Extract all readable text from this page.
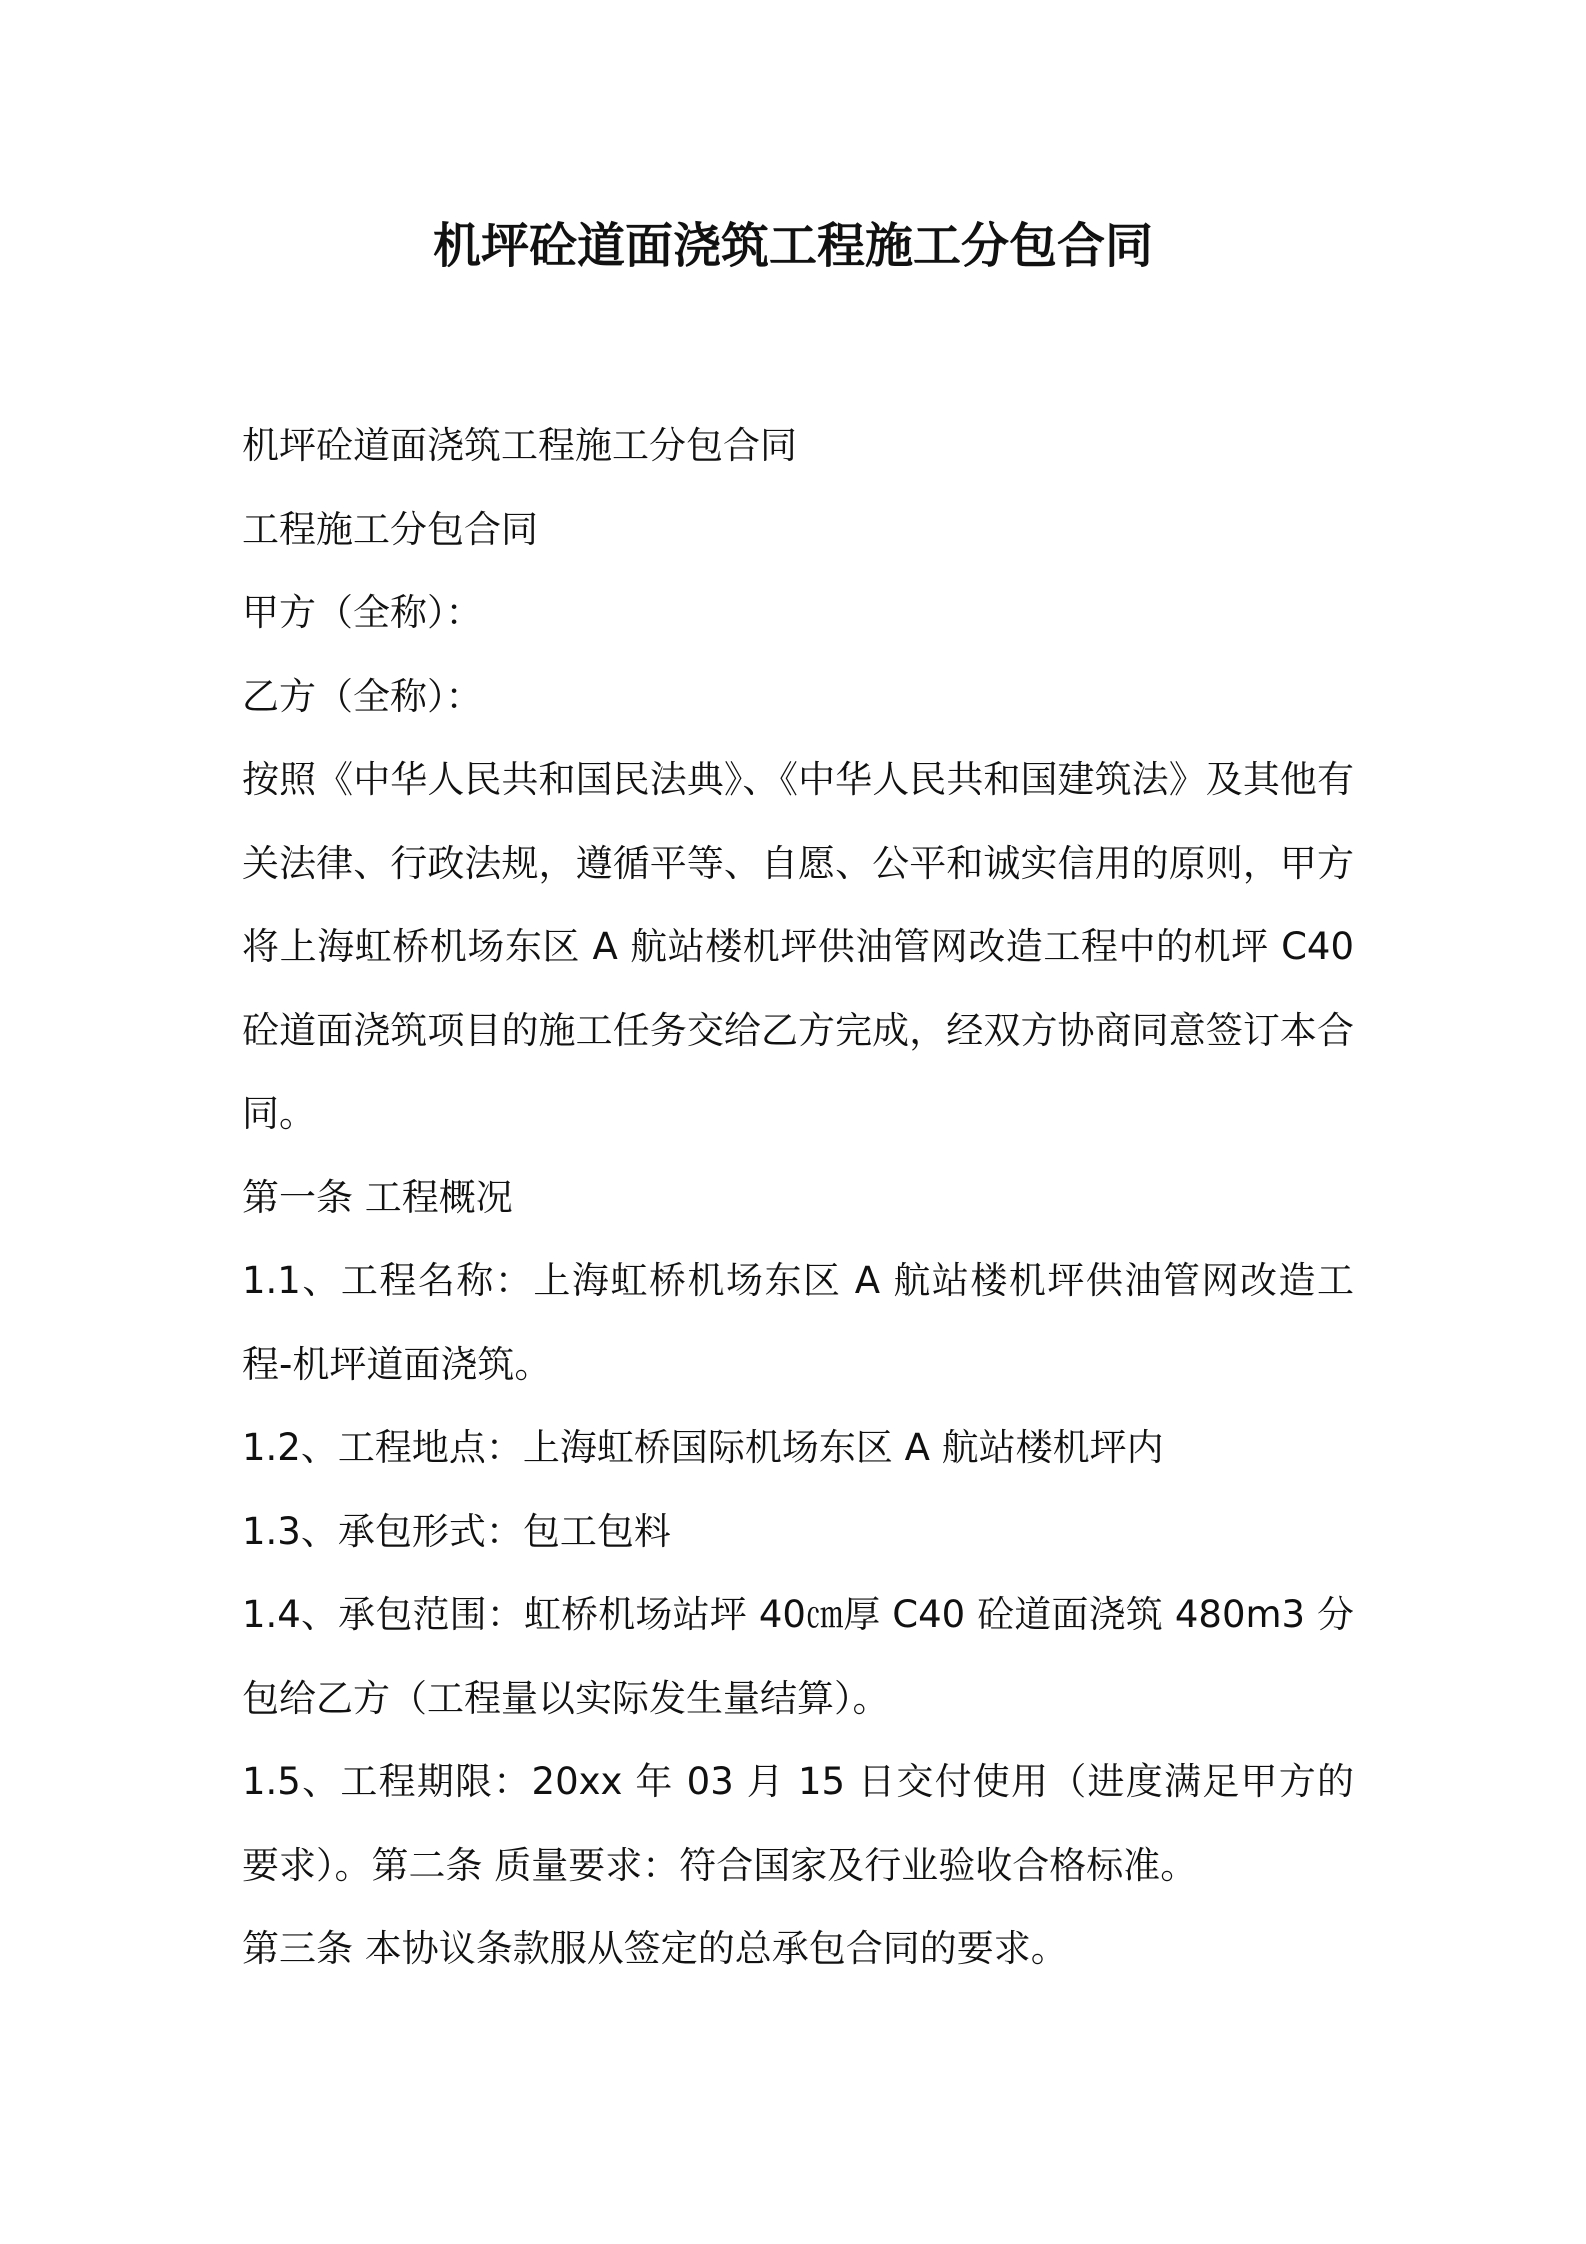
机坪砼道面浇筑工程施工分包合同

机坪砼道面浇筑工程施工分包合同

工程施工分包合同

甲方（全称）：

乙方（全称）：

按照《中华人民共和国民法典》、《中华人民共和国建筑法》及其他有关法律、行政法规，遵循平等、自愿、公平和诚实信用的原则，甲方将上海虹桥机场东区 A 航站楼机坪供油管网改造工程中的机坪 C40 砼道面浇筑项目的施工任务交给乙方完成，经双方协商同意签订本合同。

第一条 工程概况

1.1、工程名称：上海虹桥机场东区 A 航站楼机坪供油管网改造工程-机坪道面浇筑。

1.2、工程地点：上海虹桥国际机场东区 A 航站楼机坪内

1.3、承包形式：包工包料

1.4、承包范围：虹桥机场站坪 40㎝厚 C40 砼道面浇筑 480m3 分包给乙方（工程量以实际发生量结算）。

1.5、工程期限：20xx 年 03 月 15 日交付使用（进度满足甲方的要求）。第二条 质量要求：符合国家及行业验收合格标准。

第三条 本协议条款服从签定的总承包合同的要求。
